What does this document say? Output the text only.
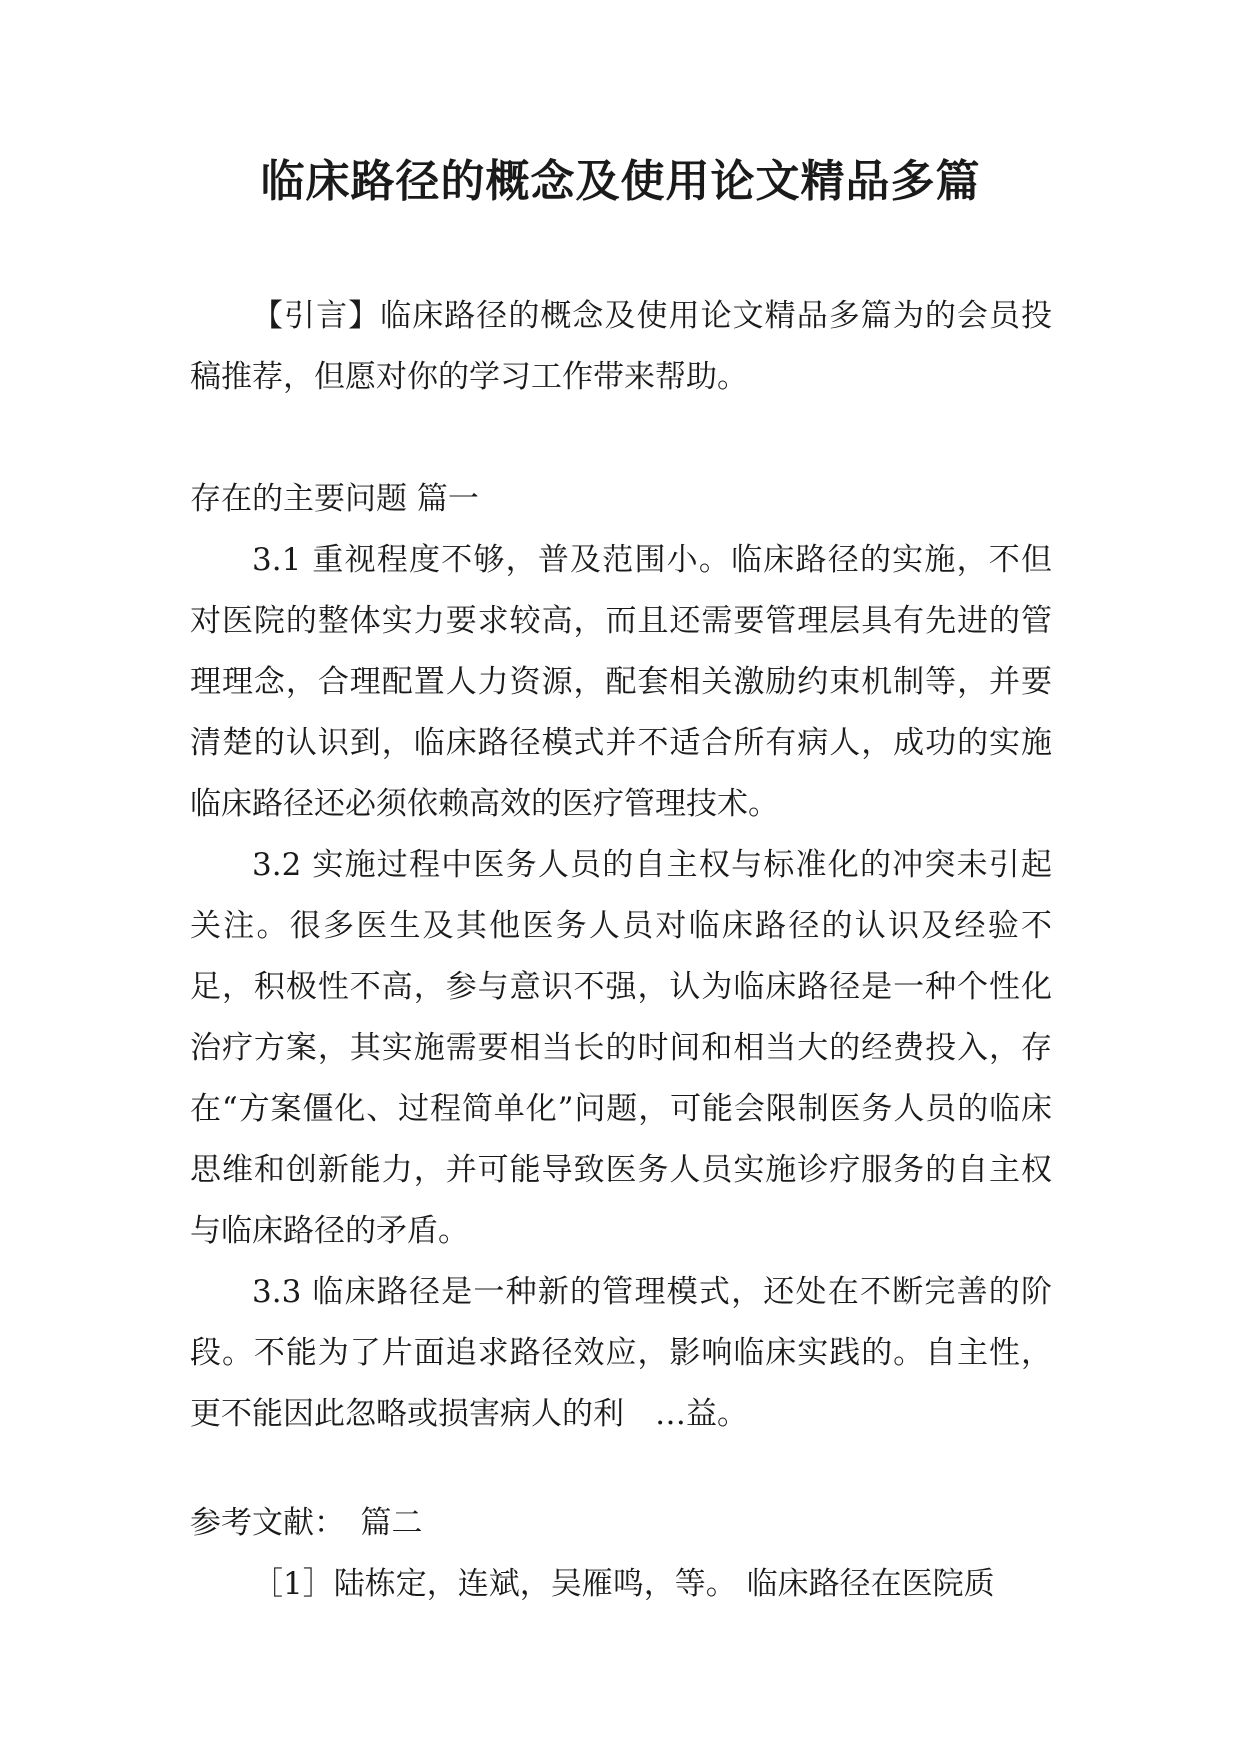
临床路径的概念及使用论文精品多篇

【引言】临床路径的概念及使用论文精品多篇为的会员投稿推荐，但愿对你的学习工作带来帮助。

存在的主要问题 篇一

3.1 重视程度不够，普及范围小。临床路径的实施，不但对医院的整体实力要求较高，而且还需要管理层具有先进的管理理念，合理配置人力资源，配套相关激励约束机制等，并要清楚的认识到，临床路径模式并不适合所有病人，成功的实施临床路径还必须依赖高效的医疗管理技术。

3.2 实施过程中医务人员的自主权与标准化的冲突未引起关注。很多医生及其他医务人员对临床路径的认识及经验不足，积极性不高，参与意识不强，认为临床路径是一种个性化治疗方案，其实施需要相当长的时间和相当大的经费投入，存在“方案僵化、过程简单化”问题，可能会限制医务人员的临床思维和创新能力，并可能导致医务人员实施诊疗服务的自主权与临床路径的矛盾。

3.3 临床路径是一种新的管理模式，还处在不断完善的阶段。不能为了片面追求路径效应，影响临床实践的。自主性，更不能因此忽略或损害病人的利　…益。

参考文献：　篇二

［1］陆栋定，连斌，吴雁鸣，等。 临床路径在医院质
